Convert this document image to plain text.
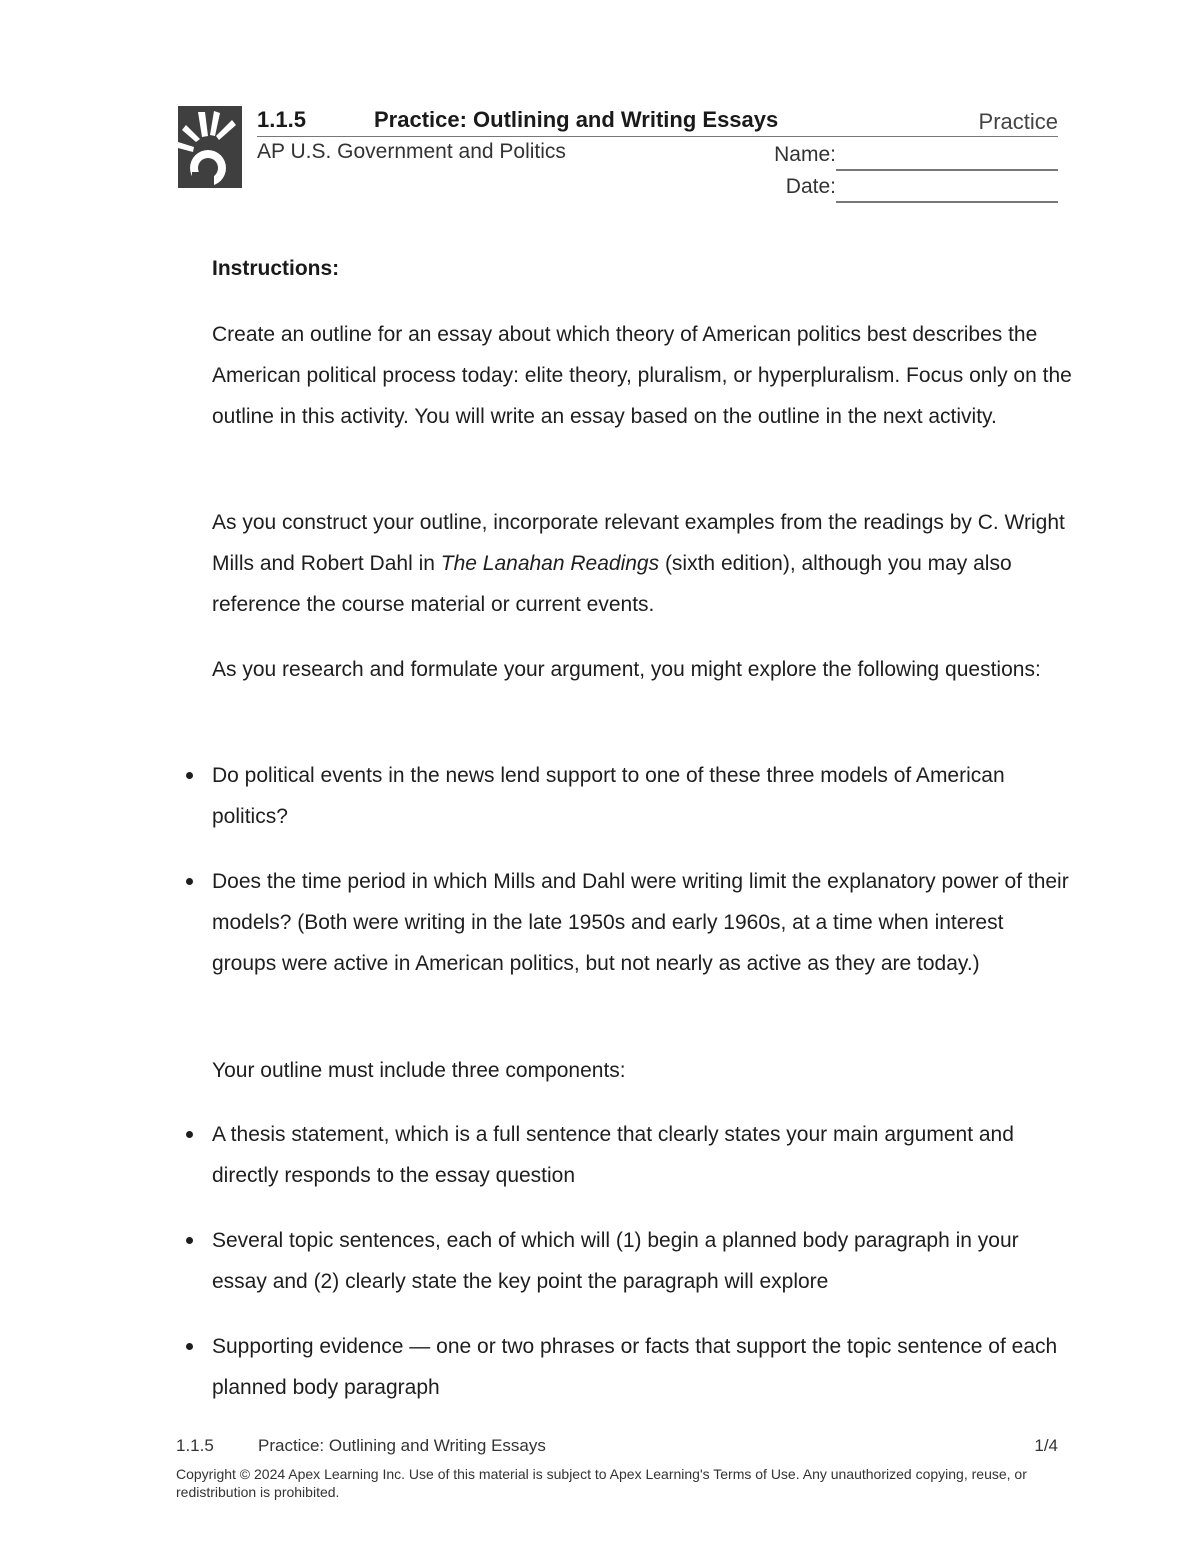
1.1.5	Practice: Outlining and Writing Essays	Practice
AP U.S. Government and Politics	Name:
Date:
Instructions:
Create an outline for an essay about which theory of American politics best describes the American political process today: elite theory, pluralism, or hyperpluralism. Focus only on the outline in this activity. You will write an essay based on the outline in the next activity.
As you construct your outline, incorporate relevant examples from the readings by C. Wright Mills and Robert Dahl in The Lanahan Readings (sixth edition), although you may also reference the course material or current events.
As you research and formulate your argument, you might explore the following questions:
Do political events in the news lend support to one of these three models of American politics?
Does the time period in which Mills and Dahl were writing limit the explanatory power of their models? (Both were writing in the late 1950s and early 1960s, at a time when interest groups were active in American politics, but not nearly as active as they are today.)
Your outline must include three components:
A thesis statement, which is a full sentence that clearly states your main argument and directly responds to the essay question
Several topic sentences, each of which will (1) begin a planned body paragraph in your essay and (2) clearly state the key point the paragraph will explore
Supporting evidence — one or two phrases or facts that support the topic sentence of each planned body paragraph
1.1.5	Practice: Outlining and Writing Essays	1/4
Copyright © 2024 Apex Learning Inc. Use of this material is subject to Apex Learning's Terms of Use. Any unauthorized copying, reuse, or redistribution is prohibited.
